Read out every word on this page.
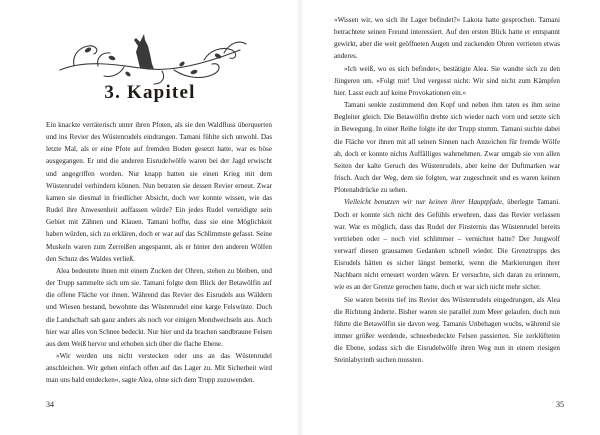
3. Kapitel

Ein knackte verräterisch unter ihren Pfoten, als sie den Waldfluss überquerten und ins Revier des Wüstenrudels eindrangen. Tamani fühlte sich unwohl. Das letzte Mal, als er eine Pfote auf fremden Boden gesetzt hatte, war es böse ausgegangen. Er und die anderen Eisrudelwölfe waren bei der Jagd erwischt und angegriffen worden. Nur knapp hatten sie einen Krieg mit dem Wüstenrudel verhindern können. Nun betraten sie dessen Revier erneut. Zwar kamen sie diesmal in friedlicher Absicht, doch wer konnte wissen, wie das Rudel ihre Anwesenheit auffassen würde? Ein jedes Rudel verteidigte sein Gebiet mit Zähnen und Klauen. Tamani hoffte, dass sie eine Möglichkeit haben würden, sich zu erklären, doch er war auf das Schlimmste gefasst. Seine Muskeln waren zum Zerreißen angespannt, als er hinter den anderen Wölfen den Schutz des Waldes verließ.

Alea bedeutete ihnen mit einem Zucken der Ohren, stehen zu bleiben, und der Trupp sammelte sich um sie. Tamani folgte dem Blick der Betawölfin auf die offene Fläche vor ihnen. Während das Revier des Eisrudels aus Wäldern und Wiesen bestand, bewohnte das Wüstenrudel eine karge Felswüste. Doch die Landschaft sah ganz anders als noch vor einigen Mondwechseln aus. Auch hier war alles von Schnee bedeckt. Nur hier und da brachen sandbraune Felsen aus dem Weiß hervor und erhoben sich über die flache Ebene.

»Wir werden uns nicht verstecken oder uns an das Wüstenrudel anschleichen. Wir gehen einfach offen auf das Lager zu. Mit Sicherheit wird man uns bald entdecken«, sagte Alea, ohne sich dem Trupp zuzuwenden.

34

»Wissen wir, wo sich ihr Lager befindet?« Lakota hatte gesprochen. Tamani betrachtete seinen Freund interessiert. Auf den ersten Blick hatte er entspannt gewirkt, aber die weit geöffneten Augen und zuckenden Ohren verrieten etwas anderes.

»Ich weiß, wo es sich befindet«, bestätigte Alea. Sie wandte sich zu den Jüngeren um. »Folgt mir! Und vergesst nicht: Wir sind nicht zum Kämpfen hier. Lasst euch auf keine Provokationen ein.«

Tamani senkte zustimmend den Kopf und neben ihm taten es ihm seine Begleiter gleich. Die Betawölfin drehte sich wieder nach vorn und setzte sich in Bewegung. In einer Reihe folgte ihr der Trupp stumm. Tamani suchte dabei die Fläche vor ihnen mit all seinen Sinnen nach Anzeichen für fremde Wölfe ab, doch er konnte nichts Auffälliges wahrnehmen. Zwar umgab sie von allen Seiten der kalte Geruch des Wüstenrudels, aber keine der Duftmarken war frisch. Auch der Weg, dem sie folgten, war zugeschneit und es waren keinen Pfotenabdrücke zu sehen.

Vielleicht benutzen wir nur keinen ihrer Hauptpfade, überlegte Tamani. Doch er konnte sich nicht des Gefühls erwehren, dass das Revier verlassen war. War es möglich, dass das Rudel der Finsternis das Wüstenrudel bereits vertrieben oder – noch viel schlimmer – vernichtet hatte? Der Jungwolf verwarf diesen grausamen Gedanken schnell wieder. Die Grenztrupps des Eisrudels hätten es sicher längst bemerkt, wenn die Markierungen ihrer Nachbarn nicht erneuert worden wären. Er versuchte, sich daran zu erinnern, wie es an der Grenze gerochen hatte, doch er war sich nicht mehr sicher.

Sie waren bereits tief ins Revier des Wüstenrudels eingedrungen, als Alea die Richtung änderte. Bisher waren sie parallel zum Meer gelaufen, doch nun führte die Betawölfin sie davon weg. Tamanis Unbehagen wuchs, während sie immer größer werdende, schneebedeckte Felsen passierten. Sie zerklüfteten die Ebene, sodass sich die Eisrudelwölfe ihren Weg nun in einem riesigen Steinlabyrinth suchen mussten.

35
